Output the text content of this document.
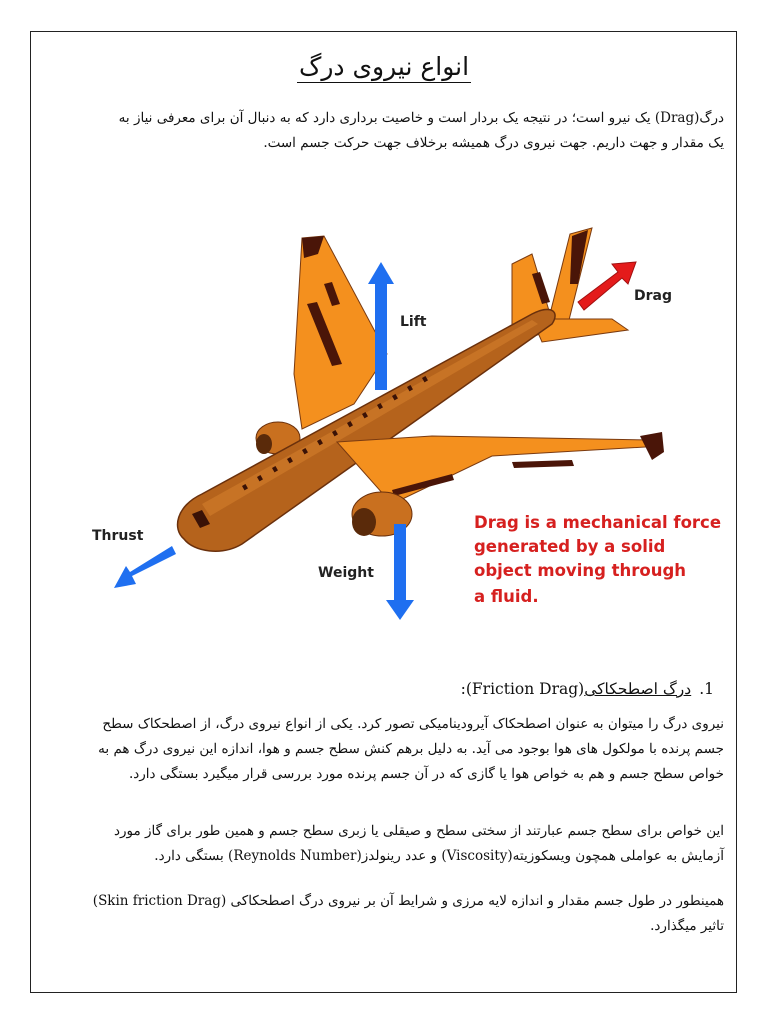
انواع نیروی درگ
درگ(Drag) یک نیرو است؛ در نتیجه یک بردار است و خاصیت برداری دارد که به دنبال آن برای معرفی نیاز به
یک مقدار و جهت داریم. جهت نیروی درگ همیشه برخلاف جهت حرکت جسم است.
Lift
Drag
Thrust
Weight
Drag is a mechanical force
generated by a solid
object moving through
a fluid.
1.درگ اصطحکاکی(Friction Drag):
نیروی درگ را میتوان به عنوان اصطحکاک آیرودینامیکی تصور کرد. یکی از انواع نیروی درگ، از اصطحکاک سطح
جسم پرنده با مولکول های هوا بوجود می آید. به دلیل برهم کنش سطح جسم و هوا، اندازه این نیروی درگ هم به
خواص سطح جسم و هم به خواص هوا یا گازی که در آن جسم پرنده مورد بررسی قرار میگیرد بستگی دارد.
این خواص برای سطح جسم عبارتند از سختی سطح و صیقلی یا زبری سطح جسم و همین طور برای گاز مورد
آزمایش به عواملی همچون ویسکوزیته(Viscosity) و عدد رینولدز(Reynolds Number) بستگی دارد.
همینطور در طول جسم مقدار و اندازه لایه مرزی و شرایط آن بر نیروی درگ اصطحکاکی (Skin friction Drag)
تاثیر میگذارد.
